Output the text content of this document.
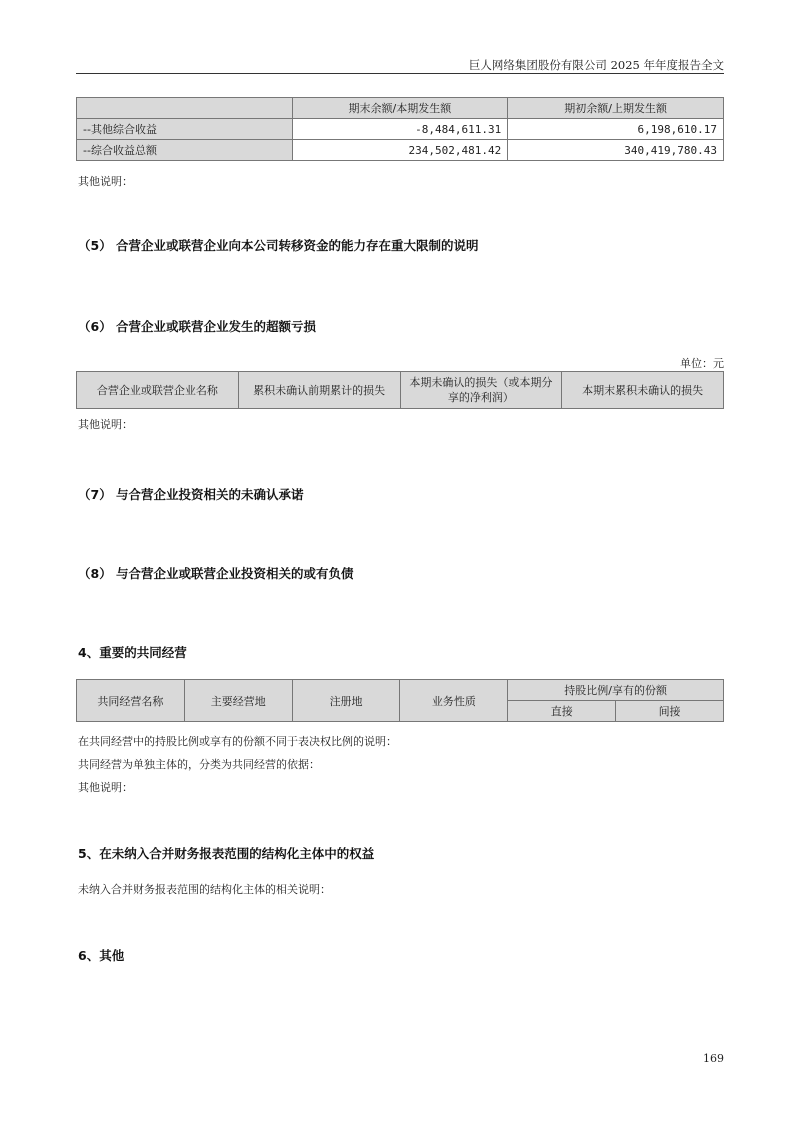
巨人网络集团股份有限公司 2025 年年度报告全文
	期末余额/本期发生额	期初余额/上期发生额
--其他综合收益	-8,484,611.31	6,198,610.17
--综合收益总额	234,502,481.42	340,419,780.43
其他说明：
（5） 合营企业或联营企业向本公司转移资金的能力存在重大限制的说明
（6） 合营企业或联营企业发生的超额亏损
单位：元
合营企业或联营企业名称	累积未确认前期累计的损失	本期未确认的损失（或本期分享的净利润）	本期末累积未确认的损失
其他说明：
（7） 与合营企业投资相关的未确认承诺
（8） 与合营企业或联营企业投资相关的或有负债
4、重要的共同经营
共同经营名称	主要经营地	注册地	业务性质	持股比例/享有的份额	
				直接	间接
在共同经营中的持股比例或享有的份额不同于表决权比例的说明：
共同经营为单独主体的，分类为共同经营的依据：
其他说明：
5、在未纳入合并财务报表范围的结构化主体中的权益
未纳入合并财务报表范围的结构化主体的相关说明：
6、其他
169
